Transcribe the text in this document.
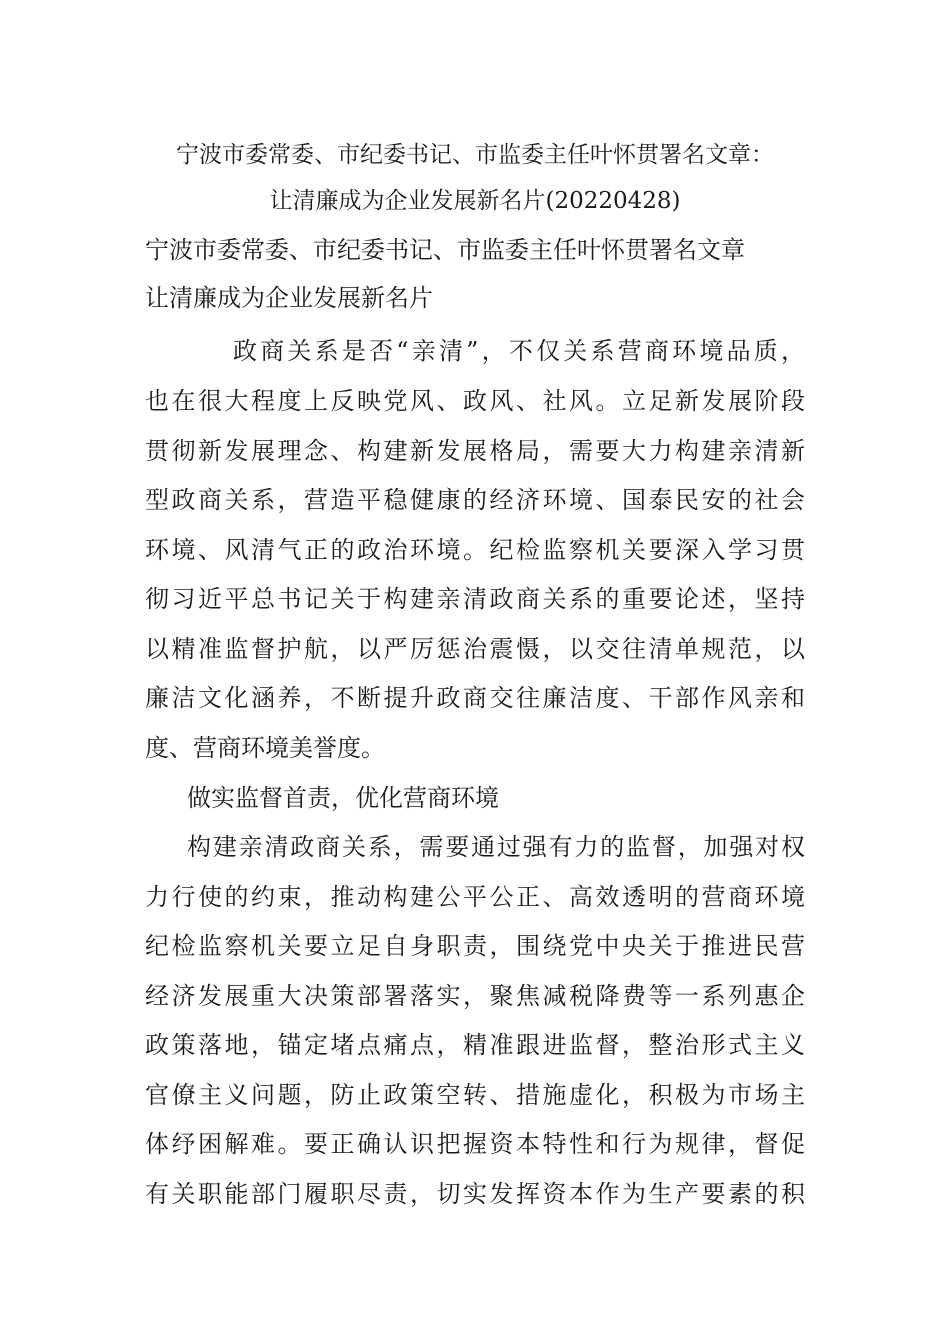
宁波市委常委、市纪委书记、市监委主任叶怀贯署名文章：
让清廉成为企业发展新名片(20220428)
宁波市委常委、市纪委书记、市监委主任叶怀贯署名文章
让清廉成为企业发展新名片
政商关系是否“亲清”，不仅关系营商环境品质，
也在很大程度上反映党风、政风、社风。立足新发展阶段
贯彻新发展理念、构建新发展格局，需要大力构建亲清新
型政商关系，营造平稳健康的经济环境、国泰民安的社会
环境、风清气正的政治环境。纪检监察机关要深入学习贯
彻习近平总书记关于构建亲清政商关系的重要论述，坚持
以精准监督护航，以严厉惩治震慑，以交往清单规范，以
廉洁文化涵养，不断提升政商交往廉洁度、干部作风亲和
度、营商环境美誉度。
做实监督首责，优化营商环境
构建亲清政商关系，需要通过强有力的监督，加强对权
力行使的约束，推动构建公平公正、高效透明的营商环境
纪检监察机关要立足自身职责，围绕党中央关于推进民营
经济发展重大决策部署落实，聚焦减税降费等一系列惠企
政策落地，锚定堵点痛点，精准跟进监督，整治形式主义
官僚主义问题，防止政策空转、措施虚化，积极为市场主
体纾困解难。要正确认识把握资本特性和行为规律，督促
有关职能部门履职尽责，切实发挥资本作为生产要素的积
